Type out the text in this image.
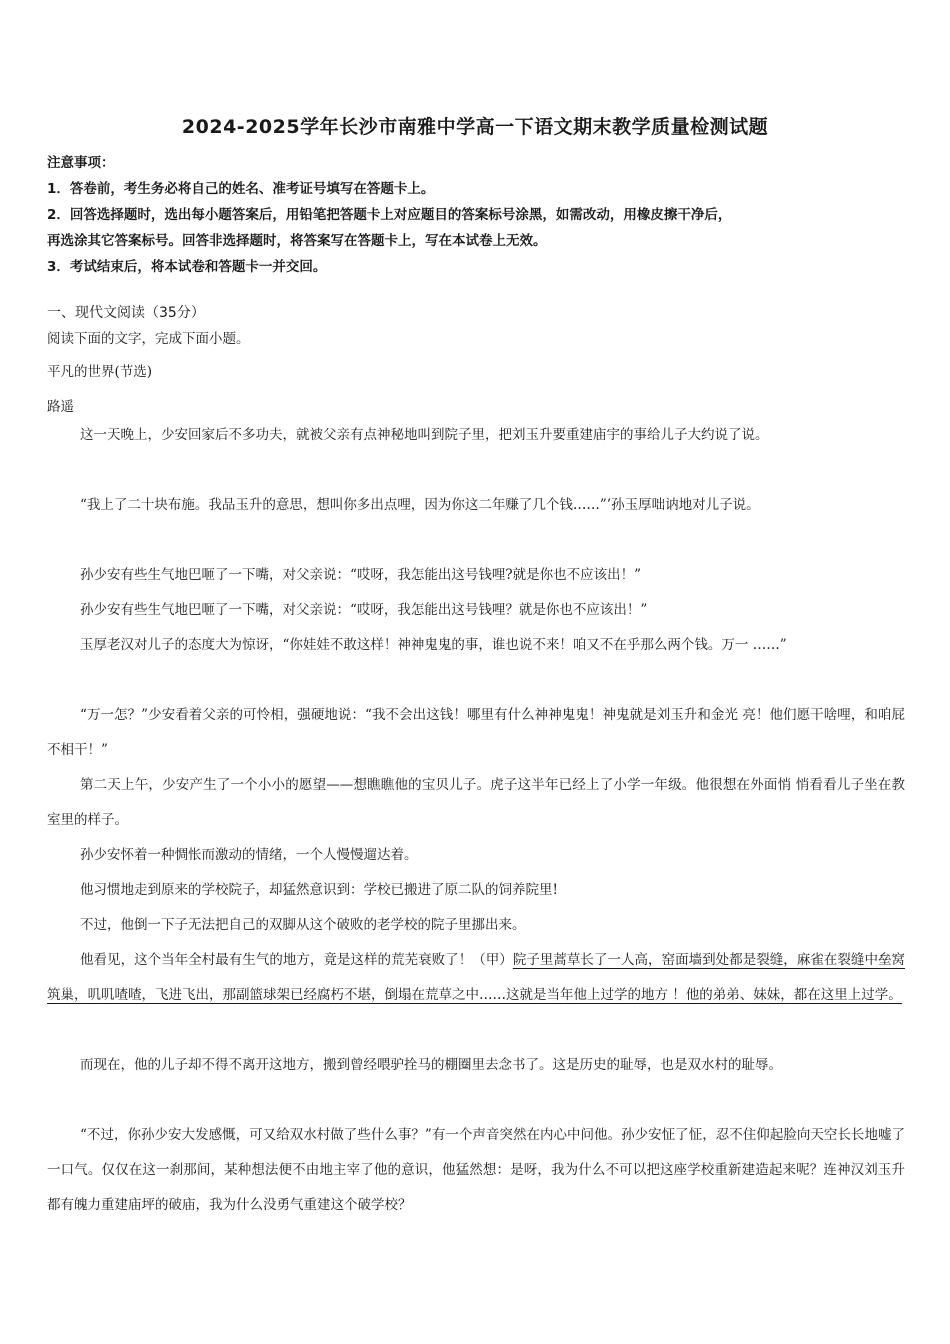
2024-2025学年长沙市南雅中学高一下语文期末教学质量检测试题
注意事项：
1．答卷前，考生务必将自己的姓名、准考证号填写在答题卡上。
2．回答选择题时，选出每小题答案后，用铅笔把答题卡上对应题目的答案标号涂黑，如需改动，用橡皮擦干净后，
再选涂其它答案标号。回答非选择题时，将答案写在答题卡上，写在本试卷上无效。
3．考试结束后，将本试卷和答题卡一并交回。
一、现代文阅读（35分）
阅读下面的文字，完成下面小题。
平凡的世界(节选)
路遥
这一天晚上，少安回家后不多功夫，就被父亲有点神秘地叫到院子里，把刘玉升要重建庙宇的事给儿子大约说了说。
“我上了二十块布施。我品玉升的意思，想叫你多出点哩，因为你这二年赚了几个钱……”’孙玉厚咄讷地对儿子说。
孙少安有些生气地巴咂了一下嘴，对父亲说：“哎呀，我怎能出这号钱哩?就是你也不应该出！”
孙少安有些生气地巴咂了一下嘴，对父亲说：“哎呀，我怎能出这号钱哩？就是你也不应该出！”
玉厚老汉对儿子的态度大为惊讶，“你娃娃不敢这样！神神鬼鬼的事，谁也说不来！咱又不在乎那么两个钱。万一 ……”
“万一怎？”少安看着父亲的可怜相，强硬地说：“我不会出这钱！哪里有什么神神鬼鬼！神鬼就是刘玉升和金光 亮！他们愿干啥哩，和咱屁不相干！”
第二天上午，少安产生了一个小小的愿望——想瞧瞧他的宝贝儿子。虎子这半年已经上了小学一年级。他很想在外面悄 悄看看儿子坐在教室里的样子。
孙少安怀着一种惆怅而激动的情绪，一个人慢慢遛达着。
他习惯地走到原来的学校院子，却猛然意识到：学校已搬进了原二队的饲养院里!
不过，他倒一下子无法把自己的双脚从这个破败的老学校的院子里挪出来。
他看见，这个当年全村最有生气的地方，竟是这样的荒芜衰败了！（甲）院子里蒿草长了一人高，窑面墙到处都是裂缝，麻雀在裂缝中垒窝筑巢，叽叽喳喳，飞进飞出，那副篮球架已经腐朽不堪，倒塌在荒草之中……这就是当年他上过学的地方 ！他的弟弟、妹妹，都在这里上过学。
而现在，他的儿子却不得不离开这地方，搬到曾经喂驴拴马的棚圈里去念书了。这是历史的耻辱，也是双水村的耻辱。
“不过，你孙少安大发感慨，可又给双水村做了些什么事？”有一个声音突然在内心中问他。孙少安怔了怔，忍不住仰起脸向天空长长地嘘了一口气。仅仅在这一刹那间，某种想法便不由地主宰了他的意识，他猛然想：是呀，我为什么不可以把这座学校重新建造起来呢？连神汉刘玉升都有魄力重建庙坪的破庙，我为什么没勇气重建这个破学校？
